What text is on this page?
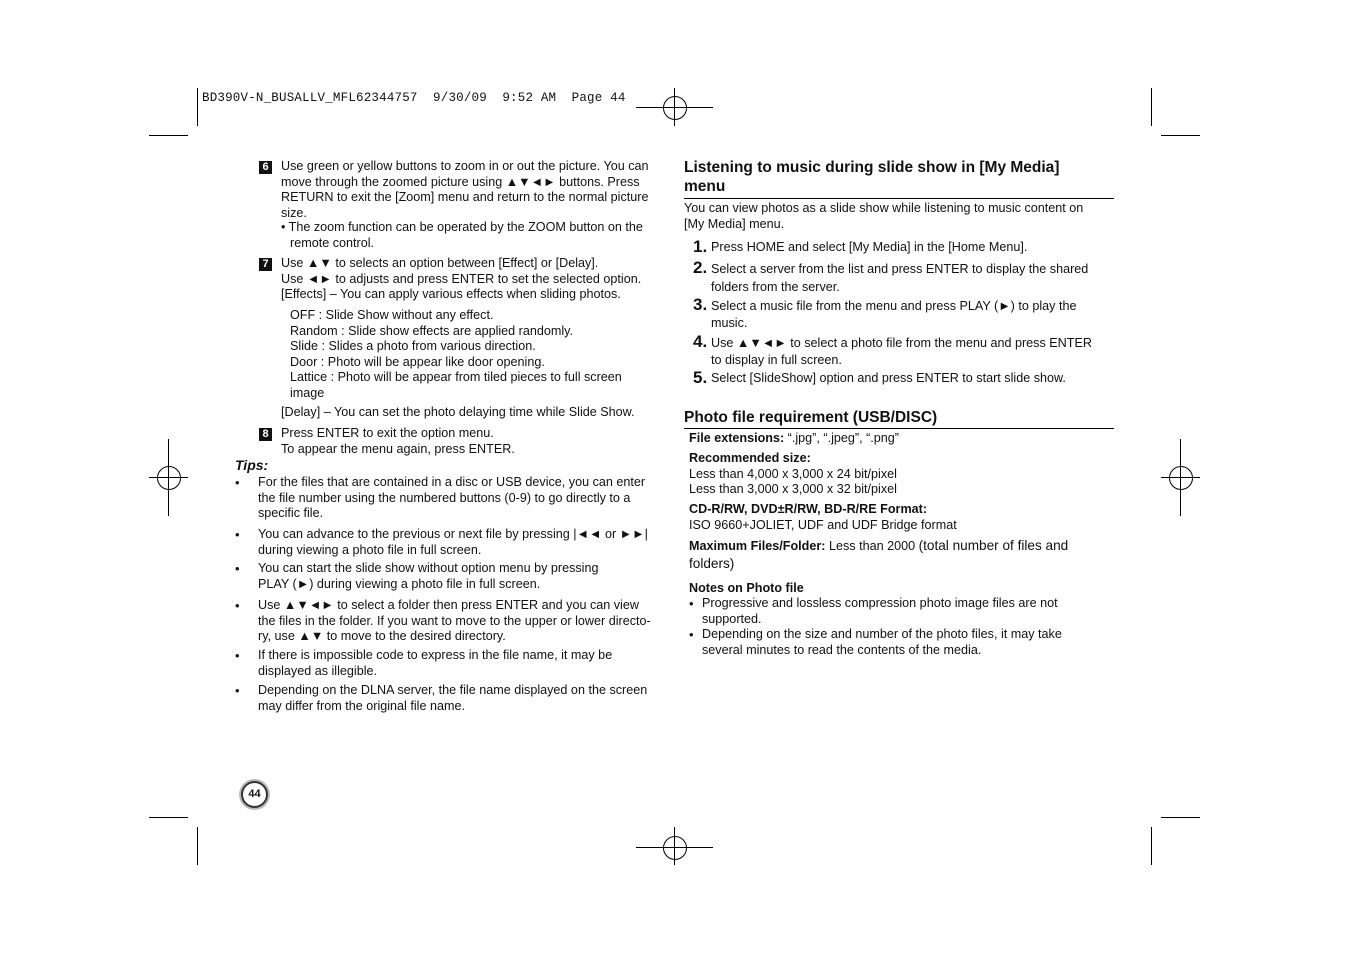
BD390V-N_BUSALLV_MFL62344757  9/30/09  9:52 AM  Page 44
6 Use green or yellow buttons to zoom in or out the picture. You can
move through the zoomed picture using ▲▼◄► buttons. Press
RETURN to exit the [Zoom] menu and return to the normal picture
size.
• The zoom function can be operated by the ZOOM button on the
remote control.
7 Use ▲▼ to selects an option between [Effect] or [Delay].
Use ◄► to adjusts and press ENTER to set the selected option.
[Effects] – You can apply various effects when sliding photos.
OFF : Slide Show without any effect.
Random : Slide show effects are applied randomly.
Slide : Slides a photo from various direction.
Door : Photo will be appear like door opening.
Lattice : Photo will be appear from tiled pieces to full screen
image
[Delay] – You can set the photo delaying time while Slide Show.
8 Press ENTER to exit the option menu.
To appear the menu again, press ENTER.
Tips:
• For the files that are contained in a disc or USB device, you can enter
the file number using the numbered buttons (0-9) to go directly to a
specific file.
• You can advance to the previous or next file by pressing |◄◄ or ►►|
during viewing a photo file in full screen.
• You can start the slide show without option menu by pressing
PLAY (►) during viewing a photo file in full screen.
• Use ▲▼◄► to select a folder then press ENTER and you can view
the files in the folder. If you want to move to the upper or lower directo-
ry, use ▲▼ to move to the desired directory.
• If there is impossible code to express in the file name, it may be
displayed as illegible.
• Depending on the DLNA server, the file name displayed on the screen
may differ from the original file name.
44
Listening to music during slide show in [My Media]
menu
You can view photos as a slide show while listening to music content on
[My Media] menu.
1. Press HOME and select [My Media] in the [Home Menu].
2. Select a server from the list and press ENTER to display the shared
folders from the server.
3. Select a music file from the menu and press PLAY (►) to play the
music.
4. Use ▲▼◄► to select a photo file from the menu and press ENTER
to display in full screen.
5. Select [SlideShow] option and press ENTER to start slide show.
Photo file requirement (USB/DISC)
File extensions: “.jpg”, “.jpeg”, “.png”
Recommended size:
Less than 4,000 x 3,000 x 24 bit/pixel
Less than 3,000 x 3,000 x 32 bit/pixel
CD-R/RW, DVD±R/RW, BD-R/RE Format:
ISO 9660+JOLIET, UDF and UDF Bridge format
Maximum Files/Folder: Less than 2000 (total number of files and
folders)
Notes on Photo file
• Progressive and lossless compression photo image files are not
supported.
• Depending on the size and number of the photo files, it may take
several minutes to read the contents of the media.
